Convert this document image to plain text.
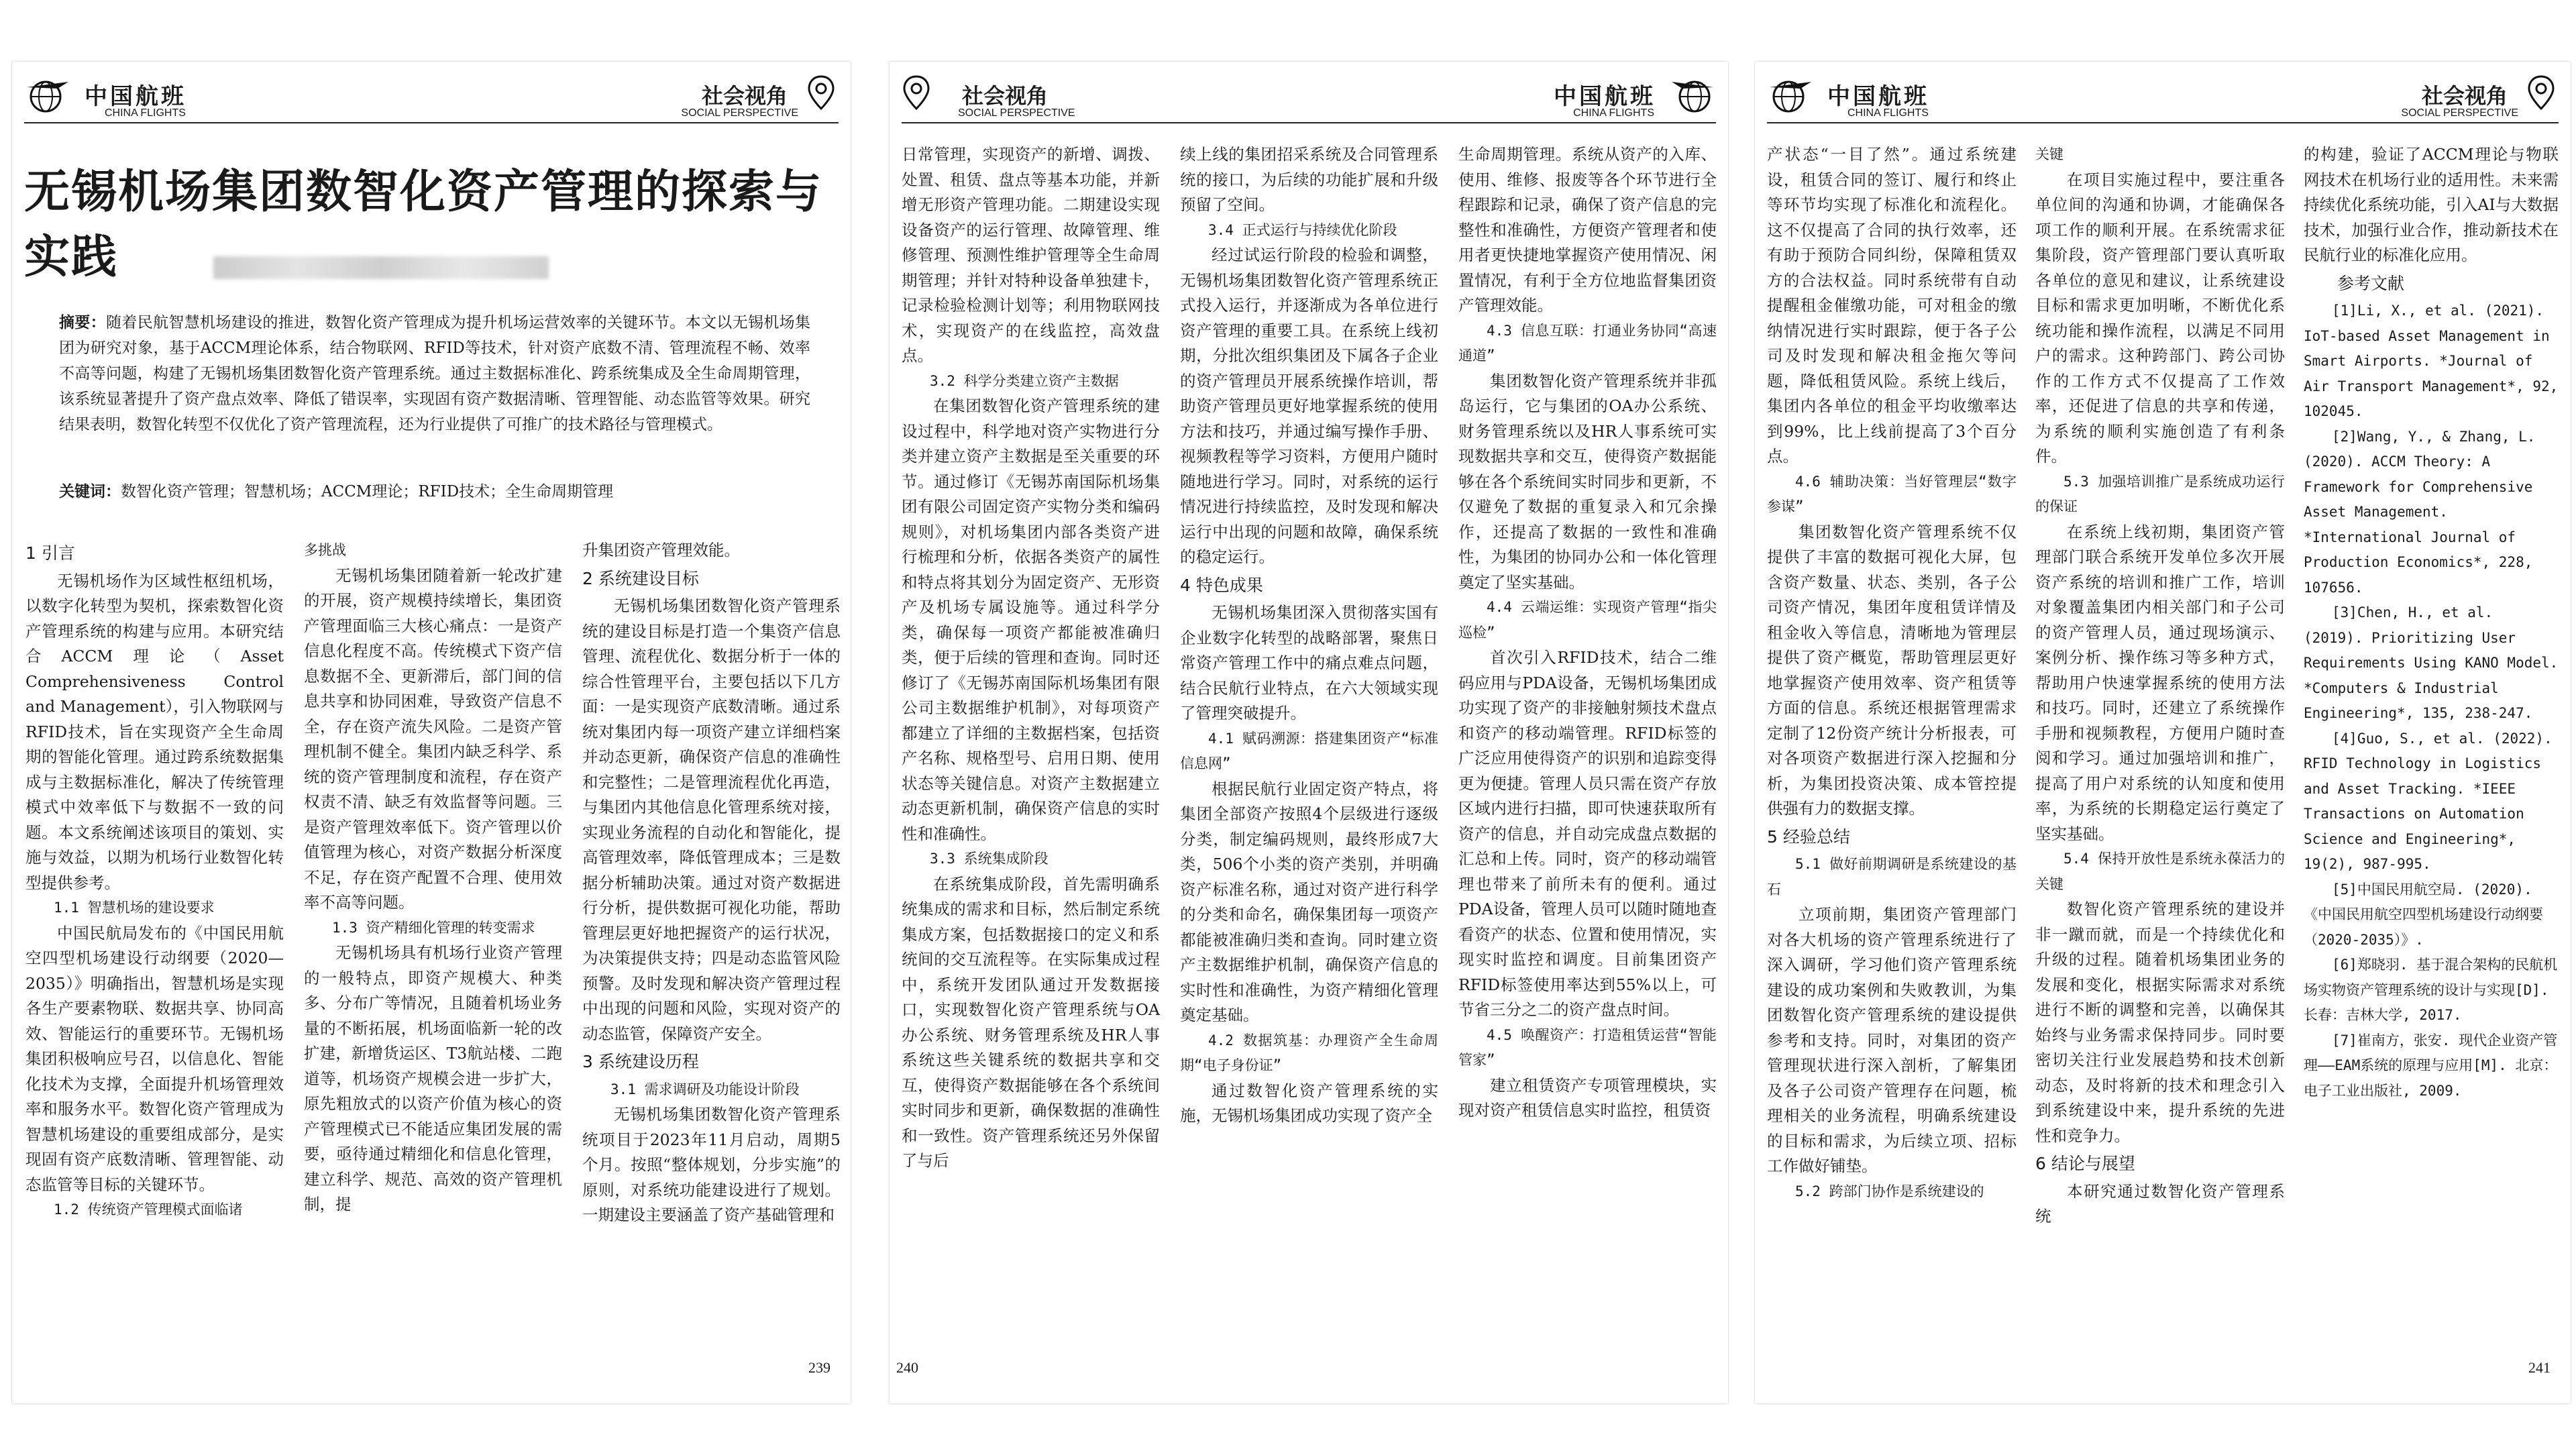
中国航班
CHINA FLIGHTS
社会视角
SOCIAL PERSPECTIVE
无锡机场集团数智化资产管理的探索与实践
摘要：随着民航智慧机场建设的推进，数智化资产管理成为提升机场运营效率的关键环节。本文以无锡机场集团为研究对象，基于ACCM理论体系，结合物联网、RFID等技术，针对资产底数不清、管理流程不畅、效率不高等问题，构建了无锡机场集团数智化资产管理系统。通过主数据标准化、跨系统集成及全生命周期管理，该系统显著提升了资产盘点效率、降低了错误率，实现固有资产数据清晰、管理智能、动态监管等效果。研究结果表明，数智化转型不仅优化了资产管理流程，还为行业提供了可推广的技术路径与管理模式。
关键词：数智化资产管理；智慧机场；ACCM理论；RFID技术；全生命周期管理

1 引言

无锡机场作为区域性枢纽机场，以数字化转型为契机，探索数智化资产管理系统的构建与应用。本研究结合ACCM理论（Asset Comprehensiveness Control and Management），引入物联网与RFID技术，旨在实现资产全生命周期的智能化管理。通过跨系统数据集成与主数据标准化，解决了传统管理模式中效率低下与数据不一致的问题。本文系统阐述该项目的策划、实施与效益，以期为机场行业数智化转型提供参考。

1.1 智慧机场的建设要求

中国民航局发布的《中国民用航空四型机场建设行动纲要（2020—2035）》明确指出，智慧机场是实现各生产要素物联、数据共享、协同高效、智能运行的重要环节。无锡机场集团积极响应号召，以信息化、智能化技术为支撑，全面提升机场管理效率和服务水平。数智化资产管理成为智慧机场建设的重要组成部分，是实现固有资产底数清晰、管理智能、动态监管等目标的关键环节。

1.2 传统资产管理模式面临诸

多挑战

无锡机场集团随着新一轮改扩建的开展，资产规模持续增长，集团资产管理面临三大核心痛点：一是资产信息化程度不高。传统模式下资产信息数据不全、更新滞后，部门间的信息共享和协同困难，导致资产信息不全，存在资产流失风险。二是资产管理机制不健全。集团内缺乏科学、系统的资产管理制度和流程，存在资产权责不清、缺乏有效监督等问题。三是资产管理效率低下。资产管理以价值管理为核心，对资产数据分析深度不足，存在资产配置不合理、使用效率不高等问题。

1.3 资产精细化管理的转变需求

无锡机场具有机场行业资产管理的一般特点，即资产规模大、种类多、分布广等情况，且随着机场业务量的不断拓展，机场面临新一轮的改扩建，新增货运区、T3航站楼、二跑道等，机场资产规模会进一步扩大，原先粗放式的以资产价值为核心的资产管理模式已不能适应集团发展的需要，亟待通过精细化和信息化管理，建立科学、规范、高效的资产管理机制，提

升集团资产管理效能。

2 系统建设目标

无锡机场集团数智化资产管理系统的建设目标是打造一个集资产信息管理、流程优化、数据分析于一体的综合性管理平台，主要包括以下几方面：一是实现资产底数清晰。通过系统对集团内每一项资产建立详细档案并动态更新，确保资产信息的准确性和完整性；二是管理流程优化再造，与集团内其他信息化管理系统对接，实现业务流程的自动化和智能化，提高管理效率，降低管理成本；三是数据分析辅助决策。通过对资产数据进行分析，提供数据可视化功能，帮助管理层更好地把握资产的运行状况，为决策提供支持；四是动态监管风险预警。及时发现和解决资产管理过程中出现的问题和风险，实现对资产的动态监管，保障资产安全。

3 系统建设历程

3.1 需求调研及功能设计阶段

无锡机场集团数智化资产管理系统项目于2023年11月启动，周期5个月。按照“整体规划，分步实施”的原则，对系统功能建设进行了规划。一期建设主要涵盖了资产基础管理和

239
社会视角
SOCIAL PERSPECTIVE
中国航班
CHINA FLIGHTS

日常管理，实现资产的新增、调拨、处置、租赁、盘点等基本功能，并新增无形资产管理功能。二期建设实现设备资产的运行管理、故障管理、维修管理、预测性维护管理等全生命周期管理；并针对特种设备单独建卡，记录检验检测计划等；利用物联网技术，实现资产的在线监控，高效盘点。

3.2 科学分类建立资产主数据

在集团数智化资产管理系统的建设过程中，科学地对资产实物进行分类并建立资产主数据是至关重要的环节。通过修订《无锡苏南国际机场集团有限公司固定资产实物分类和编码规则》，对机场集团内部各类资产进行梳理和分析，依据各类资产的属性和特点将其划分为固定资产、无形资产及机场专属设施等。通过科学分类，确保每一项资产都能被准确归类，便于后续的管理和查询。同时还修订了《无锡苏南国际机场集团有限公司主数据维护机制》，对每项资产都建立了详细的主数据档案，包括资产名称、规格型号、启用日期、使用状态等关键信息。对资产主数据建立动态更新机制，确保资产信息的实时性和准确性。

3.3 系统集成阶段

在系统集成阶段，首先需明确系统集成的需求和目标，然后制定系统集成方案，包括数据接口的定义和系统间的交互流程等。在实际集成过程中，系统开发团队通过开发数据接口，实现数智化资产管理系统与OA办公系统、财务管理系统及HR人事系统这些关键系统的数据共享和交互，使得资产数据能够在各个系统间实时同步和更新，确保数据的准确性和一致性。资产管理系统还另外保留了与后

续上线的集团招采系统及合同管理系统的接口，为后续的功能扩展和升级预留了空间。

3.4 正式运行与持续优化阶段

经过试运行阶段的检验和调整，无锡机场集团数智化资产管理系统正式投入运行，并逐渐成为各单位进行资产管理的重要工具。在系统上线初期，分批次组织集团及下属各子企业的资产管理员开展系统操作培训，帮助资产管理员更好地掌握系统的使用方法和技巧，并通过编写操作手册、视频教程等学习资料，方便用户随时随地进行学习。同时，对系统的运行情况进行持续监控，及时发现和解决运行中出现的问题和故障，确保系统的稳定运行。

4 特色成果

无锡机场集团深入贯彻落实国有企业数字化转型的战略部署，聚焦日常资产管理工作中的痛点难点问题，结合民航行业特点，在六大领域实现了管理突破提升。

4.1 赋码溯源：搭建集团资产“标准信息网”

根据民航行业固定资产特点，将集团全部资产按照4个层级进行逐级分类，制定编码规则，最终形成7大类，506个小类的资产类别，并明确资产标准名称，通过对资产进行科学的分类和命名，确保集团每一项资产都能被准确归类和查询。同时建立资产主数据维护机制，确保资产信息的实时性和准确性，为资产精细化管理奠定基础。

4.2 数据筑基：办理资产全生命周期“电子身份证”

通过数智化资产管理系统的实施，无锡机场集团成功实现了资产全

生命周期管理。系统从资产的入库、使用、维修、报废等各个环节进行全程跟踪和记录，确保了资产信息的完整性和准确性，方便资产管理者和使用者更快捷地掌握资产使用情况、闲置情况，有利于全方位地监督集团资产管理效能。

4.3 信息互联：打通业务协同“高速通道”

集团数智化资产管理系统并非孤岛运行，它与集团的OA办公系统、财务管理系统以及HR人事系统可实现数据共享和交互，使得资产数据能够在各个系统间实时同步和更新，不仅避免了数据的重复录入和冗余操作，还提高了数据的一致性和准确性，为集团的协同办公和一体化管理奠定了坚实基础。

4.4 云端运维：实现资产管理“指尖巡检”

首次引入RFID技术，结合二维码应用与PDA设备，无锡机场集团成功实现了资产的非接触射频技术盘点和资产的移动端管理。RFID标签的广泛应用使得资产的识别和追踪变得更为便捷。管理人员只需在资产存放区域内进行扫描，即可快速获取所有资产的信息，并自动完成盘点数据的汇总和上传。同时，资产的移动端管理也带来了前所未有的便利。通过PDA设备，管理人员可以随时随地查看资产的状态、位置和使用情况，实现实时监控和调度。目前集团资产RFID标签使用率达到55%以上，可节省三分之二的资产盘点时间。

4.5 唤醒资产：打造租赁运营“智能管家”

建立租赁资产专项管理模块，实现对资产租赁信息实时监控，租赁资

240
中国航班
CHINA FLIGHTS
社会视角
SOCIAL PERSPECTIVE

产状态“一目了然”。通过系统建设，租赁合同的签订、履行和终止等环节均实现了标准化和流程化。这不仅提高了合同的执行效率，还有助于预防合同纠纷，保障租赁双方的合法权益。同时系统带有自动提醒租金催缴功能，可对租金的缴纳情况进行实时跟踪，便于各子公司及时发现和解决租金拖欠等问题，降低租赁风险。系统上线后，集团内各单位的租金平均收缴率达到99%，比上线前提高了3个百分点。

4.6 辅助决策：当好管理层“数字参谋”

集团数智化资产管理系统不仅提供了丰富的数据可视化大屏，包含资产数量、状态、类别，各子公司资产情况，集团年度租赁详情及租金收入等信息，清晰地为管理层提供了资产概览，帮助管理层更好地掌握资产使用效率、资产租赁等方面的信息。系统还根据管理需求定制了12份资产统计分析报表，可对各项资产数据进行深入挖掘和分析，为集团投资决策、成本管控提供强有力的数据支撑。

5 经验总结

5.1 做好前期调研是系统建设的基石

立项前期，集团资产管理部门对各大机场的资产管理系统进行了深入调研，学习他们资产管理系统建设的成功案例和失败教训，为集团数智化资产管理系统的建设提供参考和支持。同时，对集团的资产管理现状进行深入剖析，了解集团及各子公司资产管理存在问题，梳理相关的业务流程，明确系统建设的目标和需求，为后续立项、招标工作做好铺垫。

5.2 跨部门协作是系统建设的

关键

在项目实施过程中，要注重各单位间的沟通和协调，才能确保各项工作的顺利开展。在系统需求征集阶段，资产管理部门要认真听取各单位的意见和建议，让系统建设目标和需求更加明晰，不断优化系统功能和操作流程，以满足不同用户的需求。这种跨部门、跨公司协作的工作方式不仅提高了工作效率，还促进了信息的共享和传递，为系统的顺利实施创造了有利条件。

5.3 加强培训推广是系统成功运行的保证

在系统上线初期，集团资产管理部门联合系统开发单位多次开展资产系统的培训和推广工作，培训对象覆盖集团内相关部门和子公司的资产管理人员，通过现场演示、案例分析、操作练习等多种方式，帮助用户快速掌握系统的使用方法和技巧。同时，还建立了系统操作手册和视频教程，方便用户随时查阅和学习。通过加强培训和推广，提高了用户对系统的认知度和使用率，为系统的长期稳定运行奠定了坚实基础。

5.4 保持开放性是系统永葆活力的关键

数智化资产管理系统的建设并非一蹴而就，而是一个持续优化和升级的过程。随着机场集团业务的发展和变化，根据实际需求对系统进行不断的调整和完善，以确保其始终与业务需求保持同步。同时要密切关注行业发展趋势和技术创新动态，及时将新的技术和理念引入到系统建设中来，提升系统的先进性和竞争力。

6 结论与展望

本研究通过数智化资产管理系统

的构建，验证了ACCM理论与物联网技术在机场行业的适用性。未来需持续优化系统功能，引入AI与大数据技术，加强行业合作，推动新技术在民航行业的标准化应用。

参考文献

[1]Li, X., et al. (2021). IoT-based Asset Management in Smart Airports. *Journal of Air Transport Management*, 92, 102045.

[2]Wang, Y., & Zhang, L. (2020). ACCM Theory: A Framework for Comprehensive Asset Management. *International Journal of Production Economics*, 228, 107656.

[3]Chen, H., et al. (2019). Prioritizing User Requirements Using KANO Model. *Computers & Industrial Engineering*, 135, 238-247.

[4]Guo, S., et al. (2022). RFID Technology in Logistics and Asset Tracking. *IEEE Transactions on Automation Science and Engineering*, 19(2), 987-995.

[5]中国民用航空局. (2020). 《中国民用航空四型机场建设行动纲要（2020-2035）》.

[6]郑晓羽. 基于混合架构的民航机场实物资产管理系统的设计与实现[D]. 长春：吉林大学, 2017.

[7]崔南方，张安. 现代企业资产管理——EAM系统的原理与应用[M]. 北京：电子工业出版社, 2009.

241
